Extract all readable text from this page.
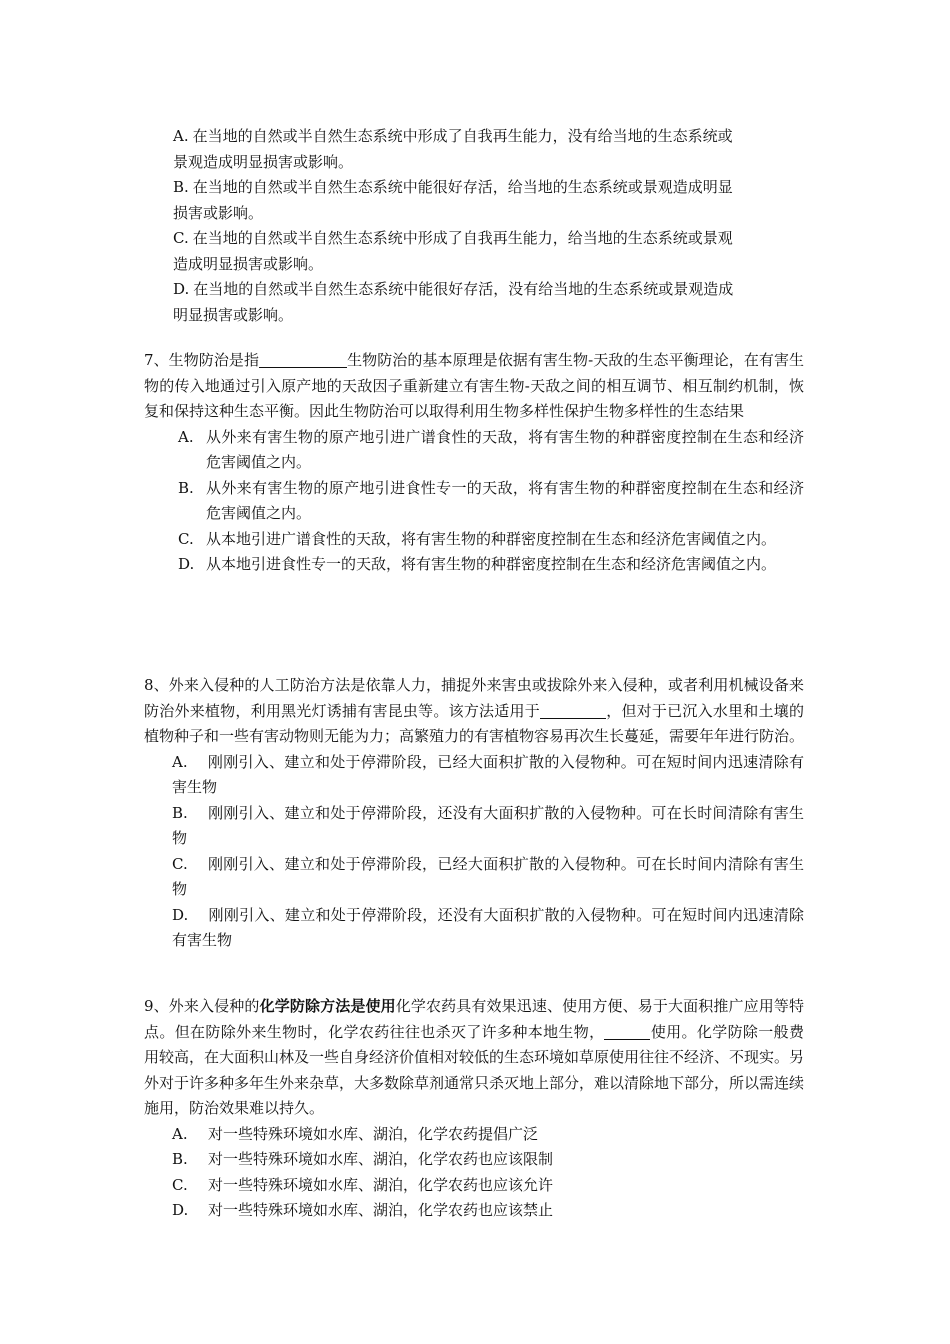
A. 在当地的自然或半自然生态系统中形成了自我再生能力，没有给当地的生态系统或
景观造成明显损害或影响。
B. 在当地的自然或半自然生态系统中能很好存活，给当地的生态系统或景观造成明显
损害或影响。
C. 在当地的自然或半自然生态系统中形成了自我再生能力，给当地的生态系统或景观
造成明显损害或影响。
D. 在当地的自然或半自然生态系统中能很好存活，没有给当地的生态系统或景观造成
明显损害或影响。
7、生物防治是指	生物防治的基本原理是依据有害生物-天敌的生态平衡理论，在有害生物的传入地通过引入原产地的天敌因子重新建立有害生物-天敌之间的相互调节、相互制约机制，恢复和保持这种生态平衡。因此生物防治可以取得利用生物多样性保护生物多样性的生态结果
A. 从外来有害生物的原产地引进广谱食性的天敌，将有害生物的种群密度控制在生态和经济危害阈值之内。
B. 从外来有害生物的原产地引进食性专一的天敌，将有害生物的种群密度控制在生态和经济危害阈值之内。
C. 从本地引进广谱食性的天敌，将有害生物的种群密度控制在生态和经济危害阈值之内。
D. 从本地引进食性专一的天敌，将有害生物的种群密度控制在生态和经济危害阈值之内。
8、外来入侵种的人工防治方法是依靠人力，捕捉外来害虫或拔除外来入侵种，或者利用机械设备来防治外来植物，利用黑光灯诱捕有害昆虫等。该方法适用于	，但对于已沉入水里和土壤的植物种子和一些有害动物则无能为力；高繁殖力的有害植物容易再次生长蔓延，需要年年进行防治。
A. 刚刚引入、建立和处于停滞阶段，已经大面积扩散的入侵物种。可在短时间内迅速清除有害生物
B. 刚刚引入、建立和处于停滞阶段，还没有大面积扩散的入侵物种。可在长时间清除有害生物
C. 刚刚引入、建立和处于停滞阶段，已经大面积扩散的入侵物种。可在长时间内清除有害生物
D. 刚刚引入、建立和处于停滞阶段，还没有大面积扩散的入侵物种。可在短时间内迅速清除有害生物
9、外来入侵种的化学防除方法是使用化学农药具有效果迅速、使用方便、易于大面积推广应用等特点。但在防除外来生物时，化学农药往往也杀灭了许多种本地生物，	使用。化学防除一般费用较高，在大面积山林及一些自身经济价值相对较低的生态环境如草原使用往往不经济、不现实。另外对于许多种多年生外来杂草，大多数除草剂通常只杀灭地上部分，难以清除地下部分，所以需连续施用，防治效果难以持久。
A. 对一些特殊环境如水库、湖泊，化学农药提倡广泛
B. 对一些特殊环境如水库、湖泊，化学农药也应该限制
C. 对一些特殊环境如水库、湖泊，化学农药也应该允许
D. 对一些特殊环境如水库、湖泊，化学农药也应该禁止
